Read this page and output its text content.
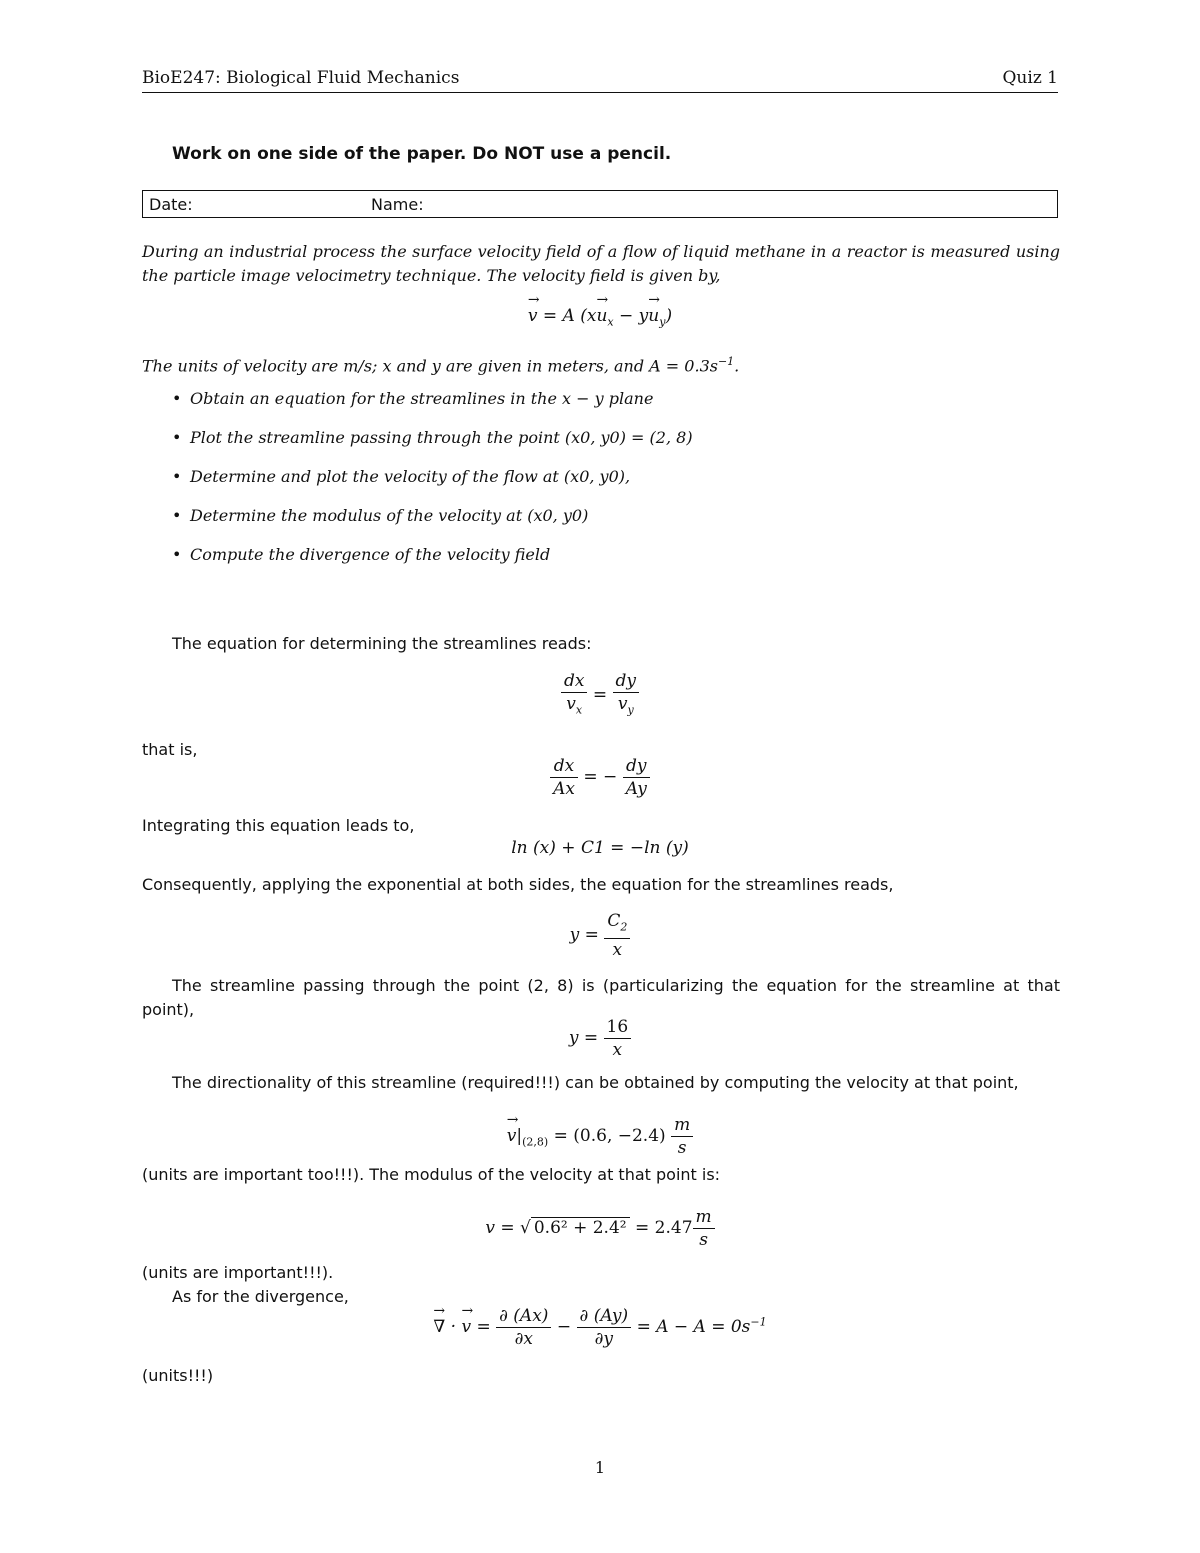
BioE247: Biological Fluid Mechanics	Quiz 1
Work on one side of the paper. Do NOT use a pencil.
Date:	Name:
During an industrial process the surface velocity field of a flow of liquid methane in a reactor is measured using the particle image velocimetry technique. The velocity field is given by,
→ v = A $(x\to u_x - y\to u_y)$
The units of velocity are m/s; x and y are given in meters, and $A = 0.3s^{-1}$.
• Obtain an equation for the streamlines in the x − y plane
• Plot the streamline passing through the point (x0, y0) = (2, 8)
• Determine and plot the velocity of the flow at (x0, y0),
• Determine the modulus of the velocity at (x0, y0)
• Compute the divergence of the velocity field
The equation for determining the streamlines reads:
$\frac{dx}{v_x} = \frac{dy}{v_y}$
that is,
$\frac{dx}{Ax}$ = − $\frac{dy}{Ay}$
Integrating this equation leads to,
ln (x) + C1 = −ln (y)
Consequently, applying the exponential at both sides, the equation for the streamlines reads,
$y = \frac{C_2}{x}$
The streamline passing through the point (2, 8) is (particularizing the equation for the streamline at that point),
$y = \frac{16}{x}$
The directionality of this streamline (required!!!) can be obtained by computing the velocity at that point,
→ $v|_{(2,8)} = (0.6$, $-2.4) \frac{m}{s}$
(units are important too!!!). The modulus of the velocity at that point is:
v = √ $0.6^2 + 2.4^2 = 2.47 \frac{m}{s}$
(units are important!!!).
As for the divergence,
→ ∇ · → $v = \frac{\partial (Ax)}{\partial x} - \frac{\partial (Ay)}{\partial y} = A - A = 0s^{-1}$
(units!!!)
1
